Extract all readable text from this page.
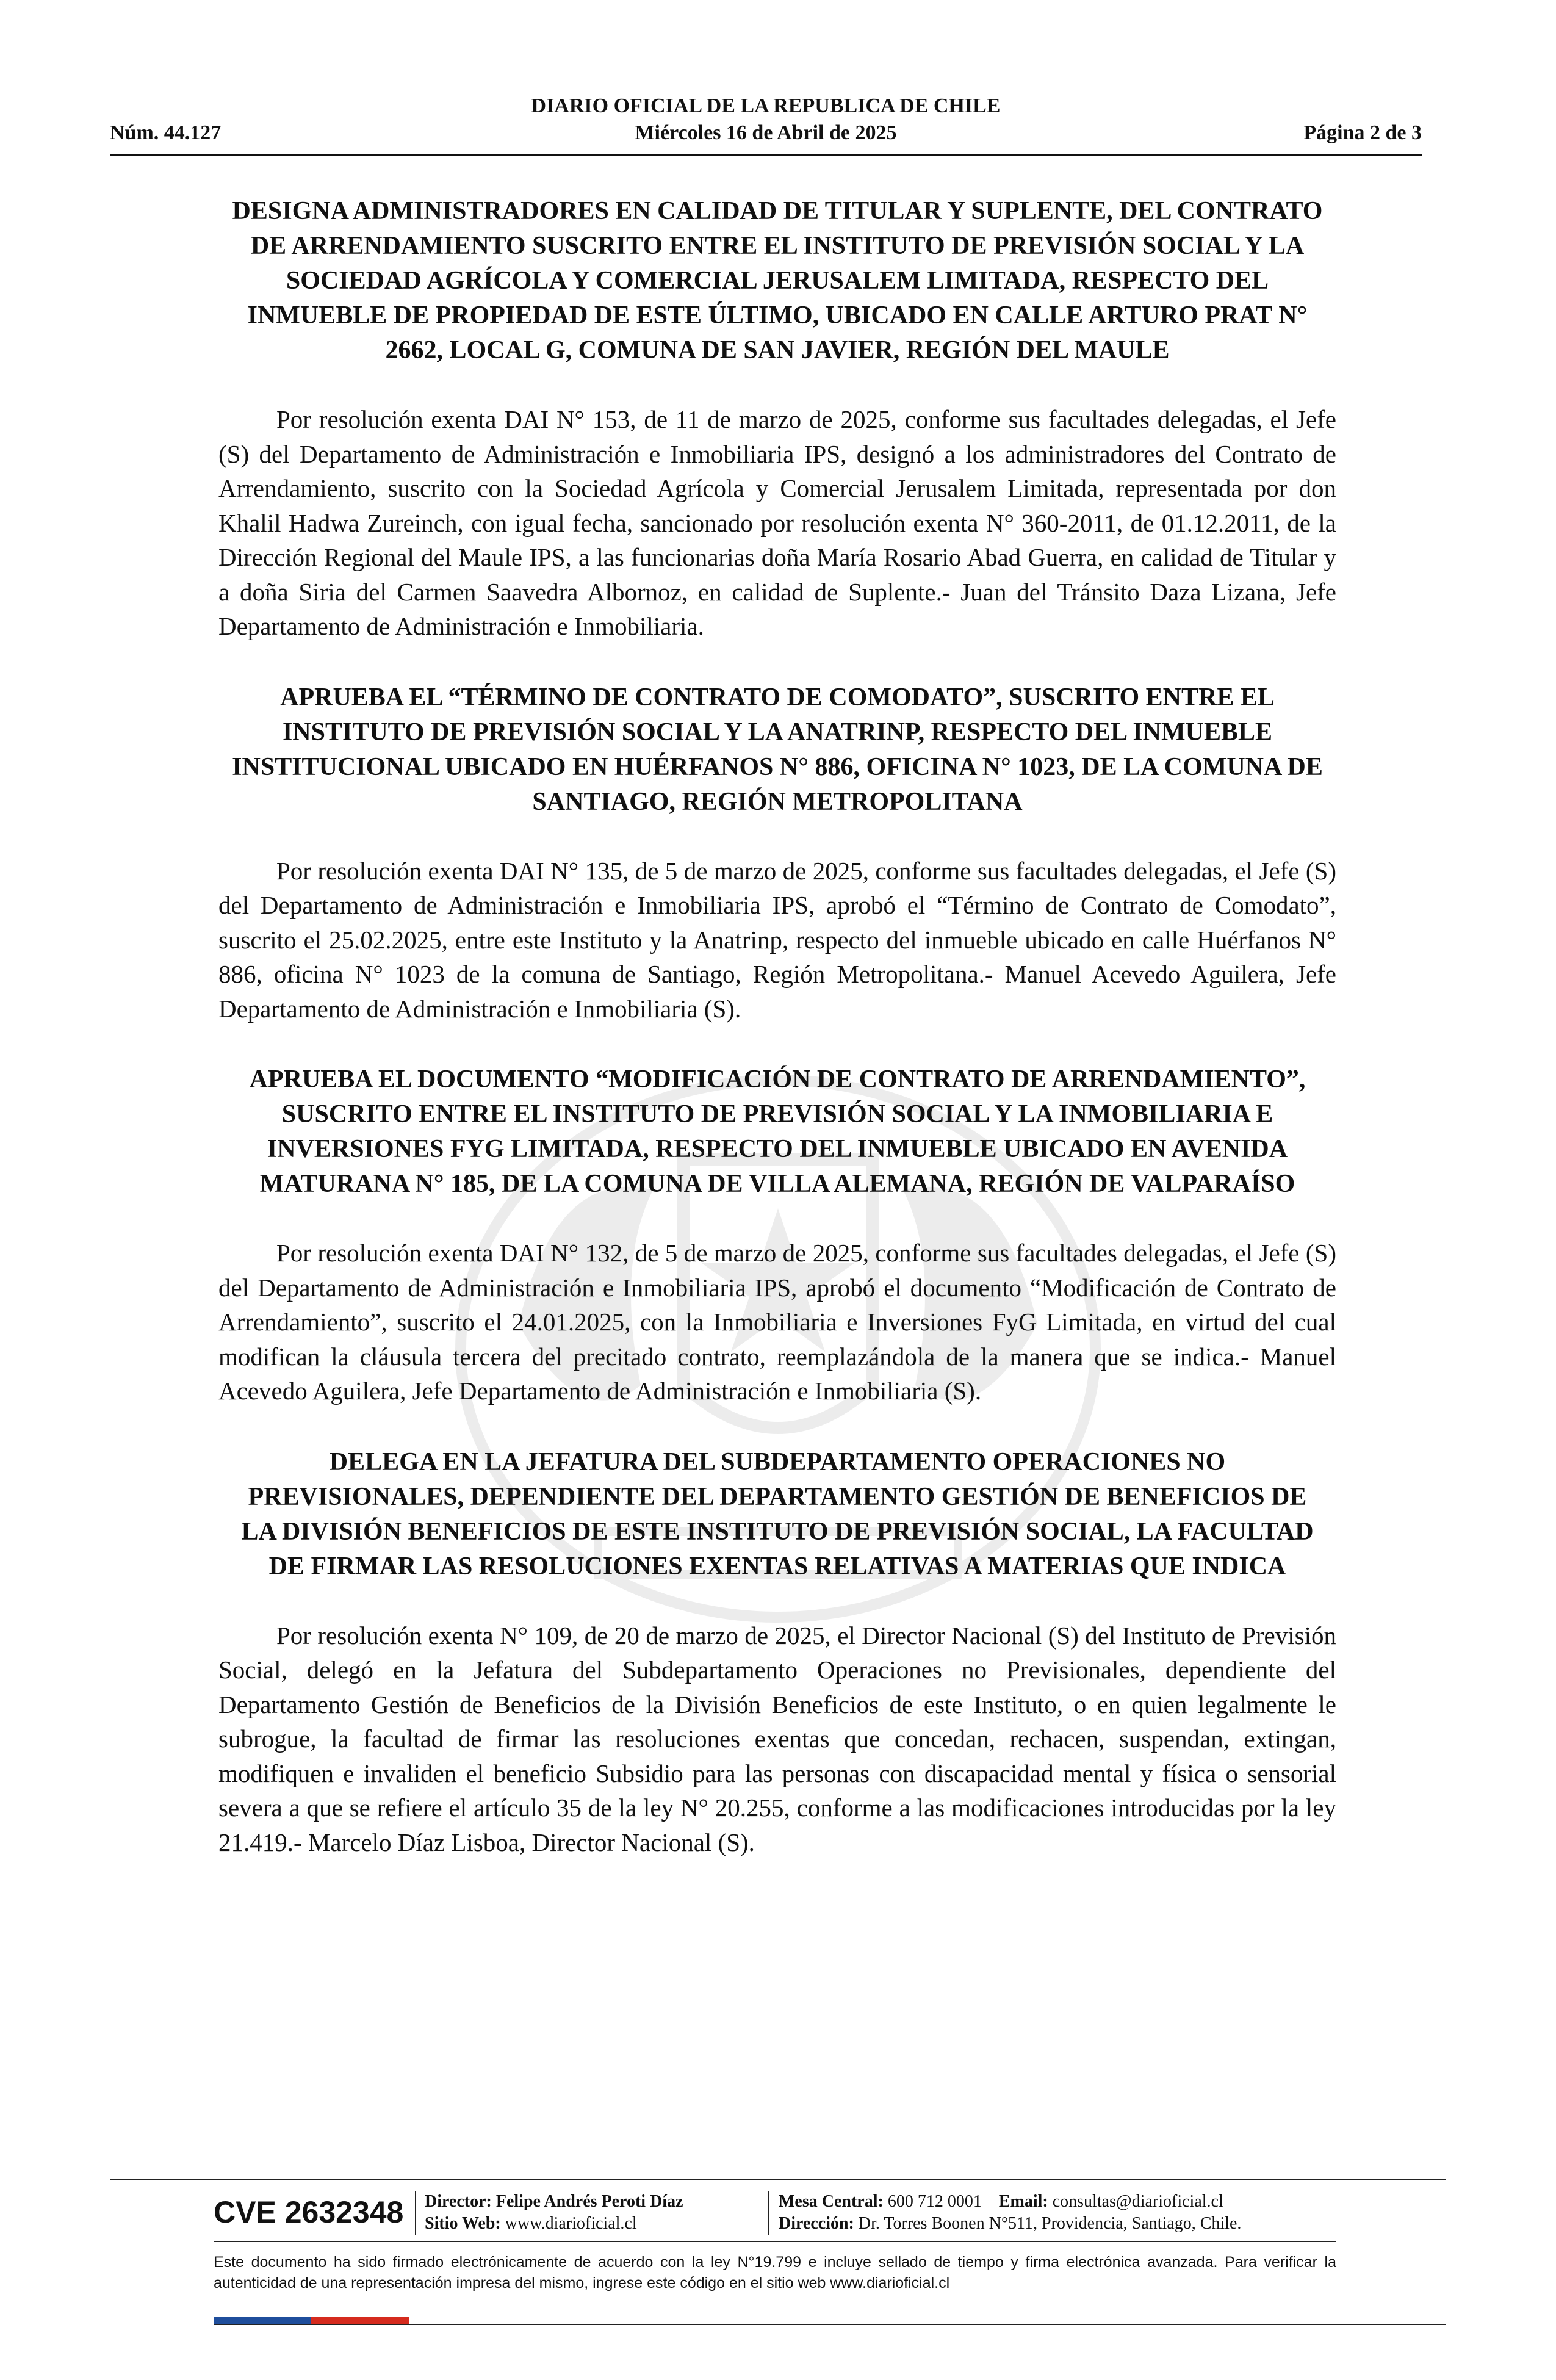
DIARIO OFICIAL DE LA REPUBLICA DE CHILE
Miércoles 16 de Abril de 2025
Núm. 44.127	Página 2 de 3
DESIGNA ADMINISTRADORES EN CALIDAD DE TITULAR Y SUPLENTE, DEL CONTRATO DE ARRENDAMIENTO SUSCRITO ENTRE EL INSTITUTO DE PREVISIÓN SOCIAL Y LA SOCIEDAD AGRÍCOLA Y COMERCIAL JERUSALEM LIMITADA, RESPECTO DEL INMUEBLE DE PROPIEDAD DE ESTE ÚLTIMO, UBICADO EN CALLE ARTURO PRAT N° 2662, LOCAL G, COMUNA DE SAN JAVIER, REGIÓN DEL MAULE

Por resolución exenta DAI N° 153, de 11 de marzo de 2025, conforme sus facultades delegadas, el Jefe (S) del Departamento de Administración e Inmobiliaria IPS, designó a los administradores del Contrato de Arrendamiento, suscrito con la Sociedad Agrícola y Comercial Jerusalem Limitada, representada por don Khalil Hadwa Zureinch, con igual fecha, sancionado por resolución exenta N° 360-2011, de 01.12.2011, de la Dirección Regional del Maule IPS, a las funcionarias doña María Rosario Abad Guerra, en calidad de Titular y a doña Siria del Carmen Saavedra Albornoz, en calidad de Suplente.- Juan del Tránsito Daza Lizana, Jefe Departamento de Administración e Inmobiliaria.

APRUEBA EL “TÉRMINO DE CONTRATO DE COMODATO”, SUSCRITO ENTRE EL INSTITUTO DE PREVISIÓN SOCIAL Y LA ANATRINP, RESPECTO DEL INMUEBLE INSTITUCIONAL UBICADO EN HUÉRFANOS N° 886, OFICINA N° 1023, DE LA COMUNA DE SANTIAGO, REGIÓN METROPOLITANA

Por resolución exenta DAI N° 135, de 5 de marzo de 2025, conforme sus facultades delegadas, el Jefe (S) del Departamento de Administración e Inmobiliaria IPS, aprobó el “Término de Contrato de Comodato”, suscrito el 25.02.2025, entre este Instituto y la Anatrinp, respecto del inmueble ubicado en calle Huérfanos N° 886, oficina N° 1023 de la comuna de Santiago, Región Metropolitana.- Manuel Acevedo Aguilera, Jefe Departamento de Administración e Inmobiliaria (S).

APRUEBA EL DOCUMENTO “MODIFICACIÓN DE CONTRATO DE ARRENDAMIENTO”, SUSCRITO ENTRE EL INSTITUTO DE PREVISIÓN SOCIAL Y LA INMOBILIARIA E INVERSIONES FYG LIMITADA, RESPECTO DEL INMUEBLE UBICADO EN AVENIDA MATURANA N° 185, DE LA COMUNA DE VILLA ALEMANA, REGIÓN DE VALPARAÍSO

Por resolución exenta DAI N° 132, de 5 de marzo de 2025, conforme sus facultades delegadas, el Jefe (S) del Departamento de Administración e Inmobiliaria IPS, aprobó el documento “Modificación de Contrato de Arrendamiento”, suscrito el 24.01.2025, con la Inmobiliaria e Inversiones FyG Limitada, en virtud del cual modifican la cláusula tercera del precitado contrato, reemplazándola de la manera que se indica.- Manuel Acevedo Aguilera, Jefe Departamento de Administración e Inmobiliaria (S).

DELEGA EN LA JEFATURA DEL SUBDEPARTAMENTO OPERACIONES NO PREVISIONALES, DEPENDIENTE DEL DEPARTAMENTO GESTIÓN DE BENEFICIOS DE LA DIVISIÓN BENEFICIOS DE ESTE INSTITUTO DE PREVISIÓN SOCIAL, LA FACULTAD DE FIRMAR LAS RESOLUCIONES EXENTAS RELATIVAS A MATERIAS QUE INDICA

Por resolución exenta N° 109, de 20 de marzo de 2025, el Director Nacional (S) del Instituto de Previsión Social, delegó en la Jefatura del Subdepartamento Operaciones no Previsionales, dependiente del Departamento Gestión de Beneficios de la División Beneficios de este Instituto, o en quien legalmente le subrogue, la facultad de firmar las resoluciones exentas que concedan, rechacen, suspendan, extingan, modifiquen e invaliden el beneficio Subsidio para las personas con discapacidad mental y física o sensorial severa a que se refiere el artículo 35 de la ley N° 20.255, conforme a las modificaciones introducidas por la ley 21.419.- Marcelo Díaz Lisboa, Director Nacional (S).

CVE 2632348 Director: Felipe Andrés Peroti Díaz
Sitio Web: www.diarioficial.cl
Mesa Central: 600 712 0001 Email: consultas@diarioficial.cl
Dirección: Dr. Torres Boonen N°511, Providencia, Santiago, Chile.
Este documento ha sido firmado electrónicamente de acuerdo con la ley N°19.799 e incluye sellado de tiempo y firma electrónica avanzada. Para verificar la autenticidad de una representación impresa del mismo, ingrese este código en el sitio web www.diarioficial.cl
